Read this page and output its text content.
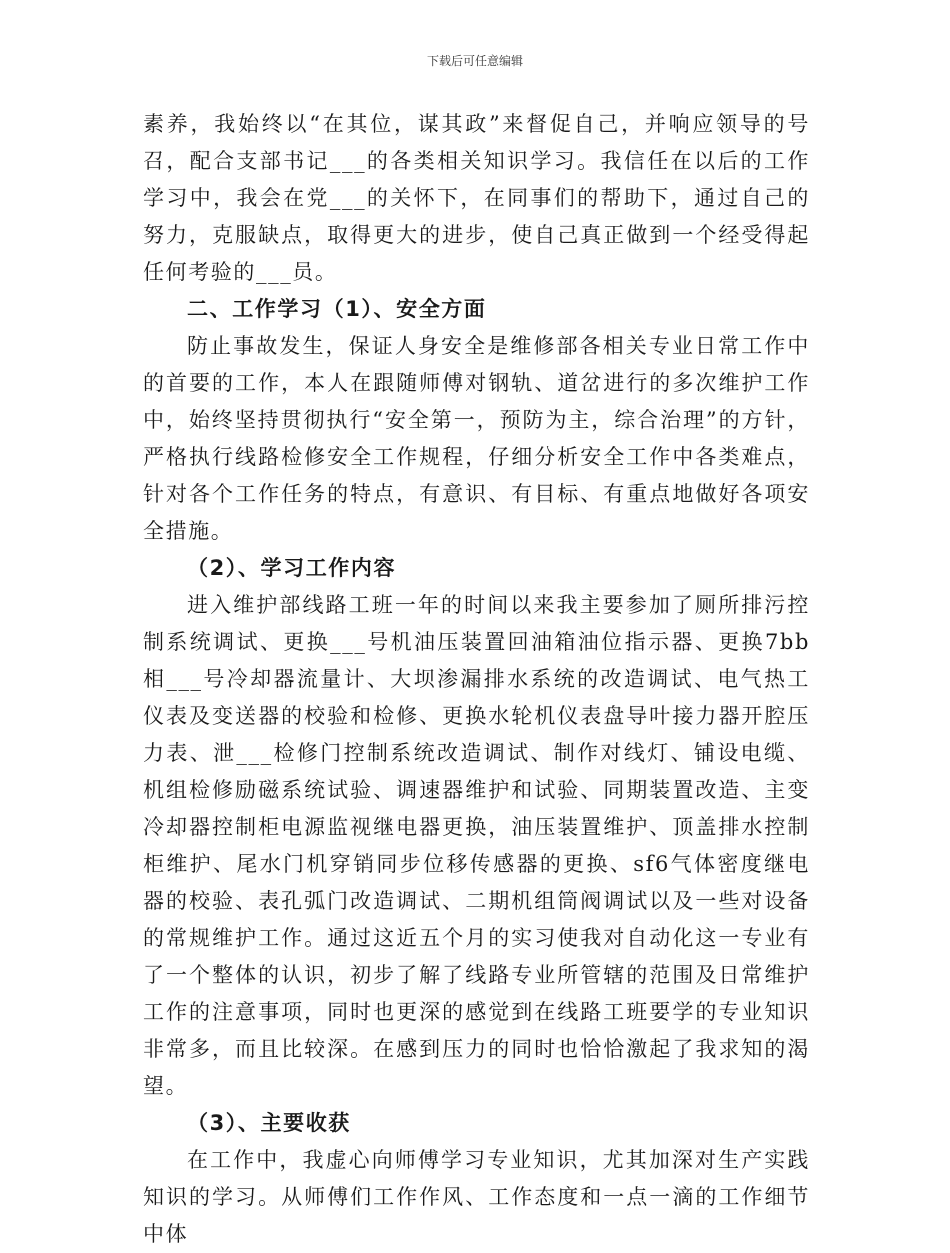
下载后可任意编辑

素养，我始终以“在其位，谋其政”来督促自己，并响应领导的号召，配合支部书记___的各类相关知识学习。我信任在以后的工作学习中，我会在党___的关怀下，在同事们的帮助下，通过自己的努力，克服缺点，取得更大的进步，使自己真正做到一个经受得起任何考验的___员。

二、工作学习（1）、安全方面

防止事故发生，保证人身安全是维修部各相关专业日常工作中的首要的工作，本人在跟随师傅对钢轨、道岔进行的多次维护工作中，始终坚持贯彻执行“安全第一，预防为主，综合治理”的方针，严格执行线路检修安全工作规程，仔细分析安全工作中各类难点，针对各个工作任务的特点，有意识、有目标、有重点地做好各项安全措施。

（2）、学习工作内容

进入维护部线路工班一年的时间以来我主要参加了厕所排污控制系统调试、更换___号机油压装置回油箱油位指示器、更换7bb相___号冷却器流量计、大坝渗漏排水系统的改造调试、电气热工仪表及变送器的校验和检修、更换水轮机仪表盘导叶接力器开腔压力表、泄___检修门控制系统改造调试、制作对线灯、铺设电缆、机组检修励磁系统试验、调速器维护和试验、同期装置改造、主变冷却器控制柜电源监视继电器更换，油压装置维护、顶盖排水控制柜维护、尾水门机穿销同步位移传感器的更换、sf6气体密度继电器的校验、表孔弧门改造调试、二期机组筒阀调试以及一些对设备的常规维护工作。通过这近五个月的实习使我对自动化这一专业有了一个整体的认识，初步了解了线路专业所管辖的范围及日常维护工作的注意事项，同时也更深的感觉到在线路工班要学的专业知识非常多，而且比较深。在感到压力的同时也恰恰激起了我求知的渴望。

（3）、主要收获

在工作中，我虚心向师傅学习专业知识，尤其加深对生产实践知识的学习。从师傅们工作作风、工作态度和一点一滴的工作细节中体
